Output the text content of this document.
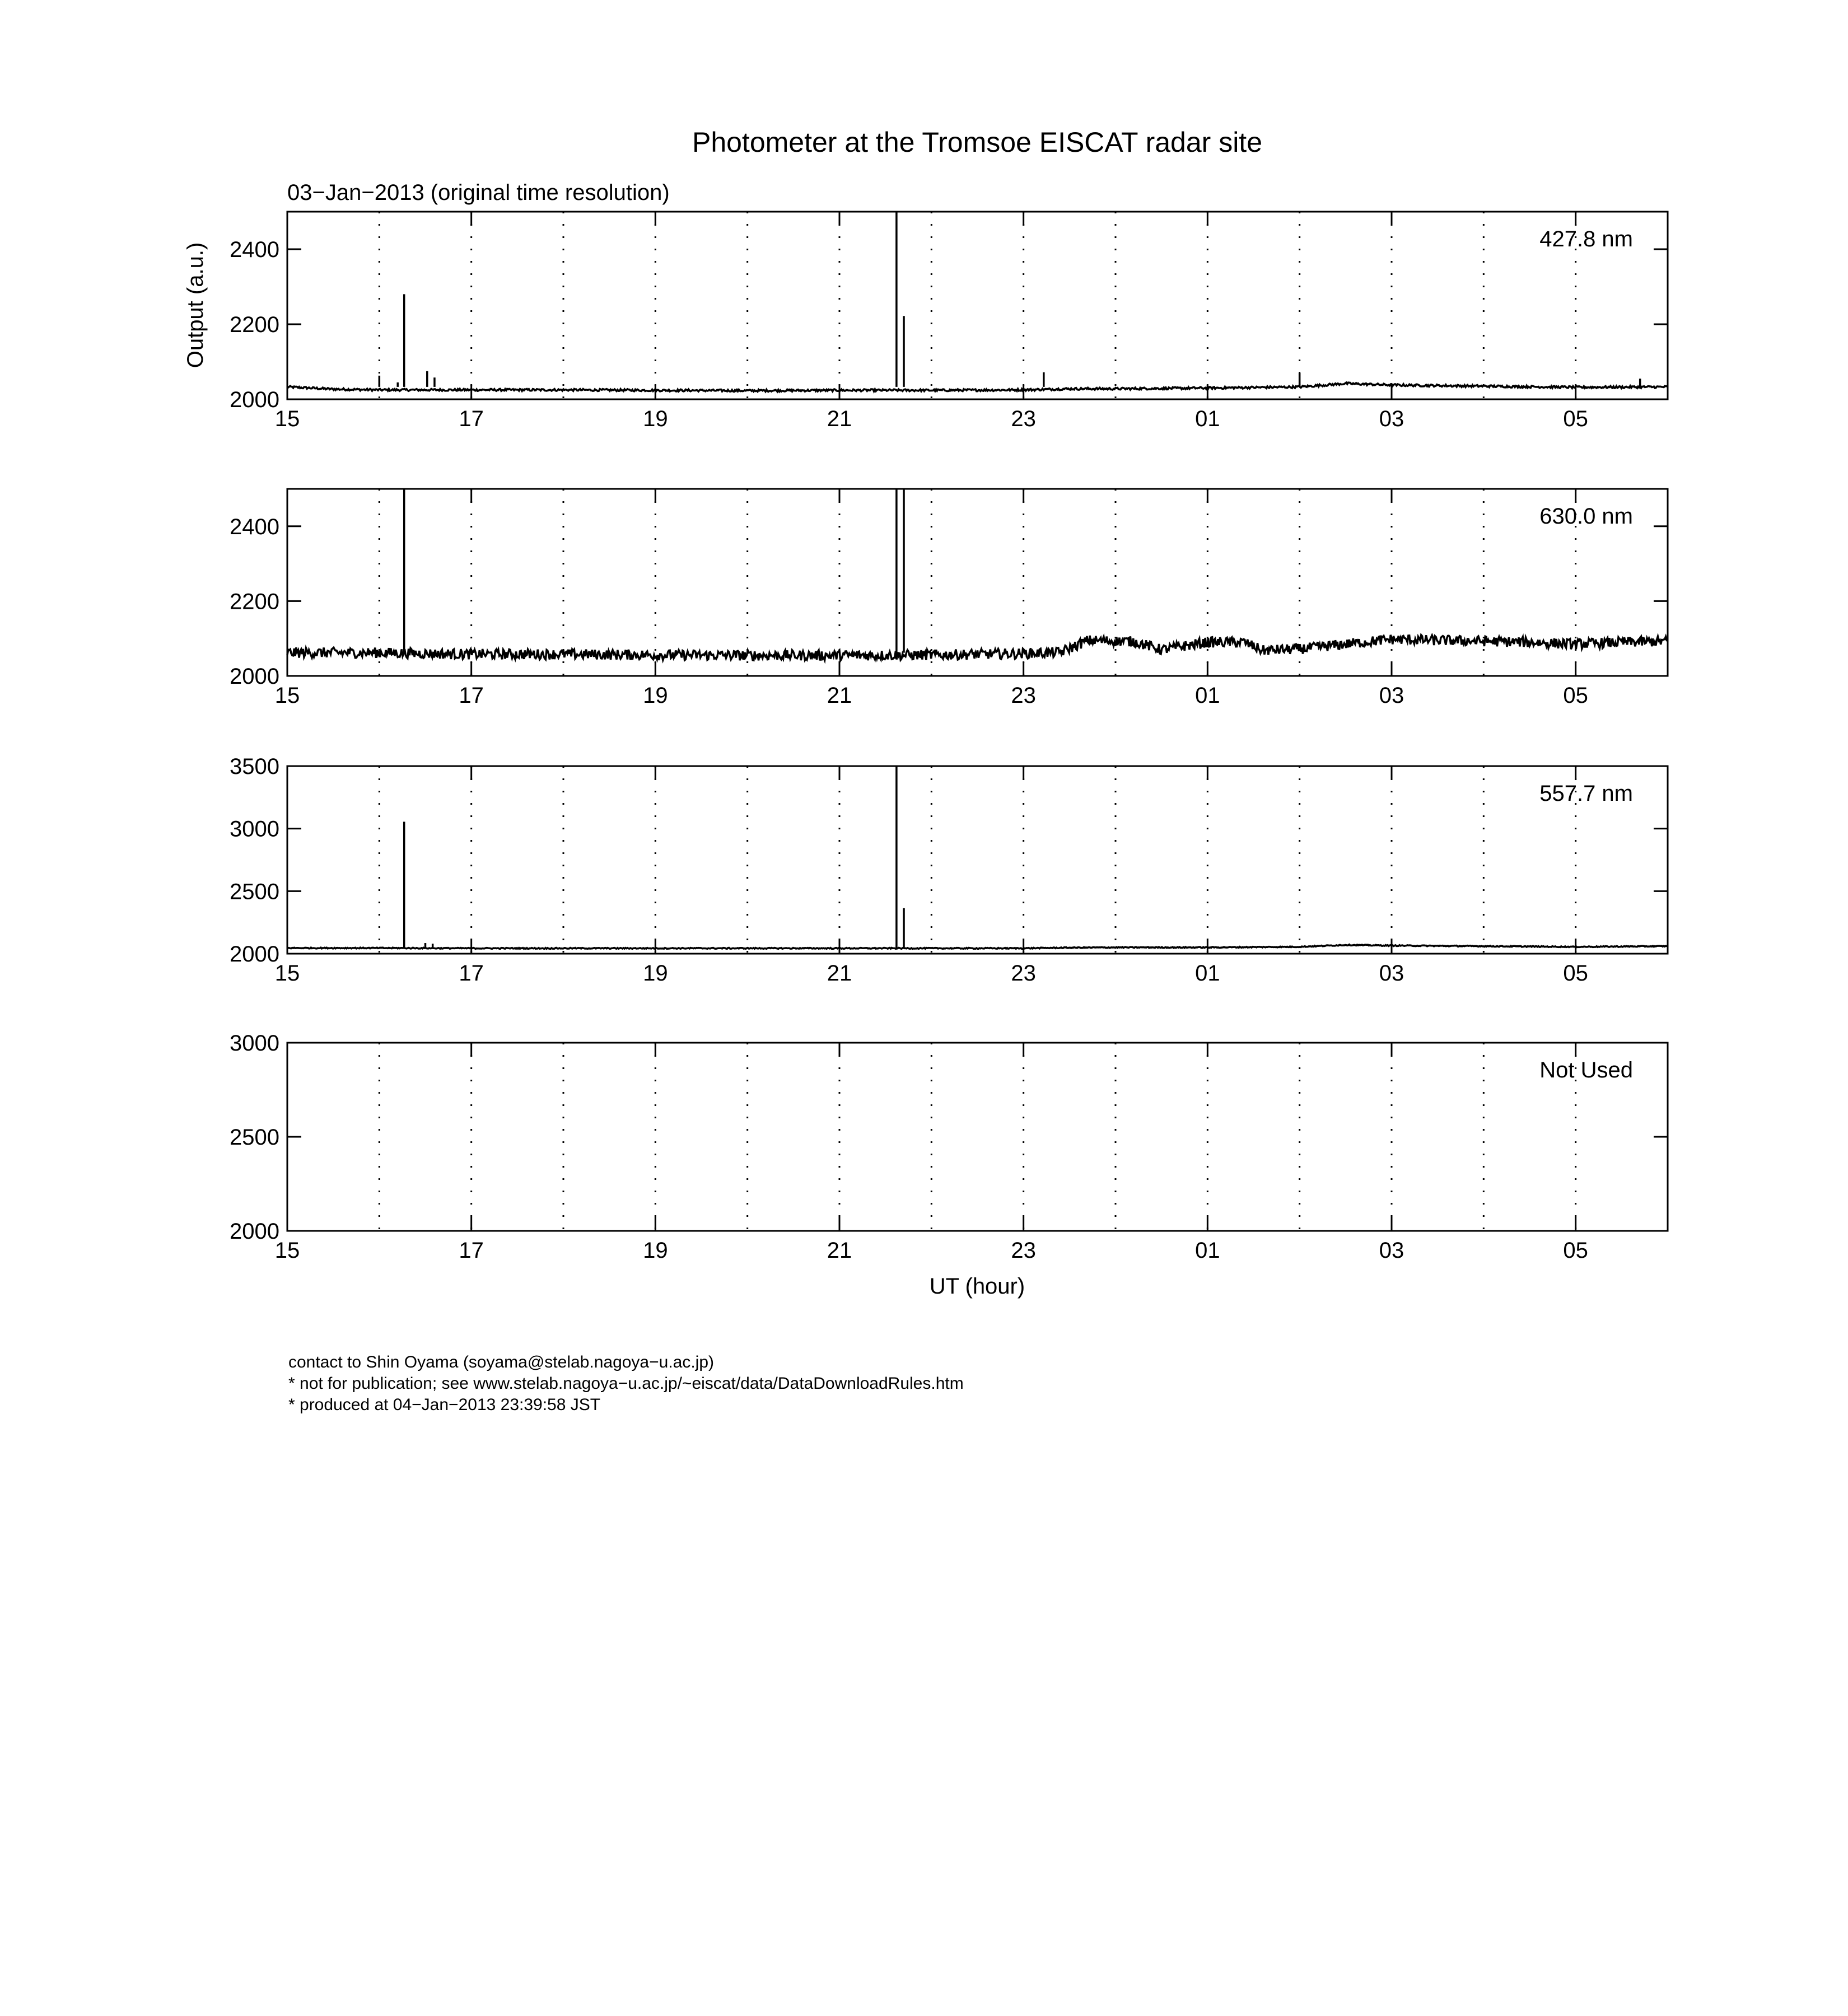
Photometer at the Tromsoe EISCAT radar site
03−Jan−2013 (original time resolution)
Output (a.u.)
UT (hour)
2000
2200
2400
15	17	19	21	23	01	03	05
427.8 nm
2000
2200
2400
15	17	19	21	23	01	03	05
630.0 nm
2000
2500
3000
3500
15	17	19	21	23	01	03	05
557.7 nm
2000
2500
3000
15	17	19	21	23	01	03	05
Not Used
contact to Shin Oyama (soyama@stelab.nagoya−u.ac.jp)
* not for publication; see www.stelab.nagoya−u.ac.jp/~eiscat/data/DataDownloadRules.htm
* produced at 04−Jan−2013 23:39:58 JST
